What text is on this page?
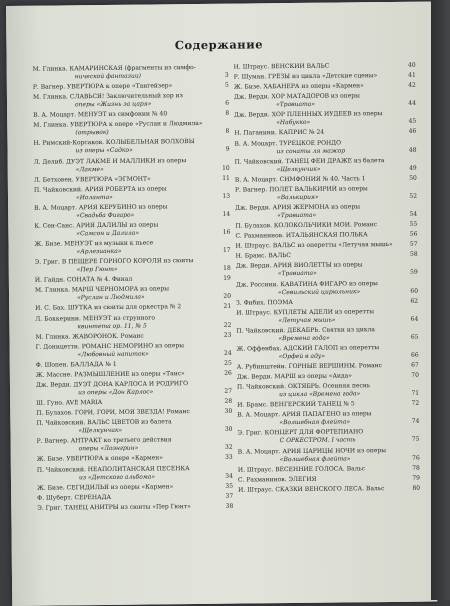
Содержание
М. Глинка. КАМАРИНСКАЯ (фрагменты из симфо-
нической фантазии)	3
Р. Вагнер. УВЕРТЮРА к опере «Тангейзер»	5
М. Глинка. СЛАВЬСЯ! Заключительный хор из
оперы «Жизнь за царя»	6
В. А. Моцарт. МЕНУЭТ из симфонии № 40	8
М. Глинка. УВЕРТЮРА к опере «Руслан и Людмила»
(отрывок)	8
Н. Римский-Корсаков. КОЛЫБЕЛЬНАЯ ВОЛХОВЫ
из оперы «Садко»	9
Л. Делиб. ДУЭТ ЛАКМЕ И МАЛЛИКИ из оперы
«Лакме»	10
Л. Бетховен. УВЕРТЮРА «ЭГМОНТ»	11
П. Чайковский. АРИЯ РОБЕРТА из оперы
«Иоланта»	13
В. А. Моцарт. АРИЯ КЕРУБИНО из оперы
«Свадьба Фигаро»	14
К. Сен-Санс. АРИЯ ДАЛИЛЫ из оперы
«Самсон и Далила»	16
Ж. Бизе. МЕНУЭТ из музыки к пьесе
«Арлезианка»	17
Э. Григ. В ПЕЩЕРЕ ГОРНОГО КОРОЛЯ из сюиты
«Пер Гюнт»	18
Й. Гайдн. СОНАТА № 4. Финал	19
М. Глинка. МАРШ ЧЕРНОМОРА из оперы
«Руслан и Людмила»	20
И. С. Бах. ШУТКА из сюиты для оркестра № 2	21
Л. Боккерини. МЕНУЭТ из струнного
квинтета ор. 11, № 5	22
М. Глинка. ЖАВОРОНОК. Романс	23
Г. Доницетти. РОМАНС НЕМОРИНО из оперы
«Любовный напиток»	24
Ф. Шопен. БАЛЛАДА № 1	25
Ж. Массне. РАЗМЫШЛЕНИЕ из оперы «Таис»	26
Дж. Верди. ДУЭТ ДОНА КАРЛОСА И РОДРИГО
из оперы «Дон Карлос»	27
Ш. Гуно. AVE MARIA	28
П. Булахов. ГОРИ, ГОРИ, МОЯ ЗВЕЗДА! Романс	30
П. Чайковский. ВАЛЬС ЦВЕТОВ из балета
«Щелкунчик»	30
Р. Вагнер. АНТРАКТ ко третьего действия
оперы «Лоэнгрин»	32
Ж. Бизе. УВЕРТЮРА к опере «Кармен»	33
П. Чайковский. НЕАПОЛИТАНСКАЯ ПЕСЕНКА
из «Детского альбома»	34
Ж. Бизе. СЕГИДИЛЬЯ из оперы «Кармен»	35
Ф. Шуберт. СЕРЕНАДА	37
Э. Григ. ТАНЕЦ АНИТРЫ из сюиты «Пер Гюнт»	38
Н. Штраус. ВЕНСКИЙ ВАЛЬС	40
Р. Шуман. ГРЁЗЫ из цикла «Детские сцены»	41
Ж. Бизе. ХАБАНЕРА из оперы «Кармен»	42
Дж. Верди. ХОР МАТАДОРОВ из оперы
«Травиата»	44
Дж. Верди. ХОР ПЛЕННЫХ ИУДЕЕВ из оперы
«Набукко»	45
Н. Паганини. КАПРИС № 24	46
В. А. Моцарт. ТУРЕЦКОЕ РОНДО
из сонаты ля мажор	48
П. Чайковский. ТАНЕЦ ФЕИ ДРАЖЕ из балета
«Щелкунчик»	49
В. А. Моцарт. СИМФОНИЯ № 40. Часть 1	50
Р. Вагнер. ПОЛЁТ ВАЛЬКИРИЙ из оперы
«Валькирия»	52
Дж. Верди. АРИЯ ЖЕРМОНА из оперы
«Травиата»	54
П. Булахов. КОЛОКОЛЬЧИКИ МОИ. Романс	55
С. Рахманинов. ИТАЛЬЯНСКАЯ ПОЛЬКА	56
И. Штраус. ВАЛЬС из оперетты «Летучая мышь»	57
Н. Брамс. ВАЛЬС	58
Дж. Верди. АРИЯ ВИОЛЕТТЫ из оперы
«Травиата»	59
Дж. Россини. КАВАТИНА ФИГАРО из оперы
«Севильский цирюльник»	60
З. Фибих. ПОЭМА	62
И. Штраус. КУПЛЕТЫ АДЕЛИ из оперетты
«Летучая мышь»	64
П. Чайковский. ДЕКАБРЬ. Святки из цикла
«Времена года»	65
Ж. Оффенбах. АДСКИЙ ГАЛОП из оперетты
«Орфей в аду»	66
А. Рубинштейн. ГОРНЫЕ ВЕРШИНЫ. Романс	67
Дж. Верди. МАРШ из оперы «Аида»	70
П. Чайковский. ОКТЯБРЬ. Осенняя песнь
из цикла «Времена года»	71
И. Брамс. ВЕНГЕРСКИЙ ТАНЕЦ № 5	72
В. А. Моцарт. АРИЯ ПАПАГЕНО из оперы
«Волшебная флейта»	74
Э. Григ. КОНЦЕРТ ДЛЯ ФОРТЕПИАНО
С ОРКЕСТРОМ. I часть	75
В. А. Моцарт. АРИЯ ЦАРИЦЫ НОЧИ из оперы
«Волшебная флейта»	76
И. Штраус. ВЕСЕННИЕ ГОЛОСА. Вальс	78
С. Рахманинов. ЭЛЕГИЯ	79
И. Штраус. СКАЗКИ ВЕНСКОГО ЛЕСА. Вальс	80
